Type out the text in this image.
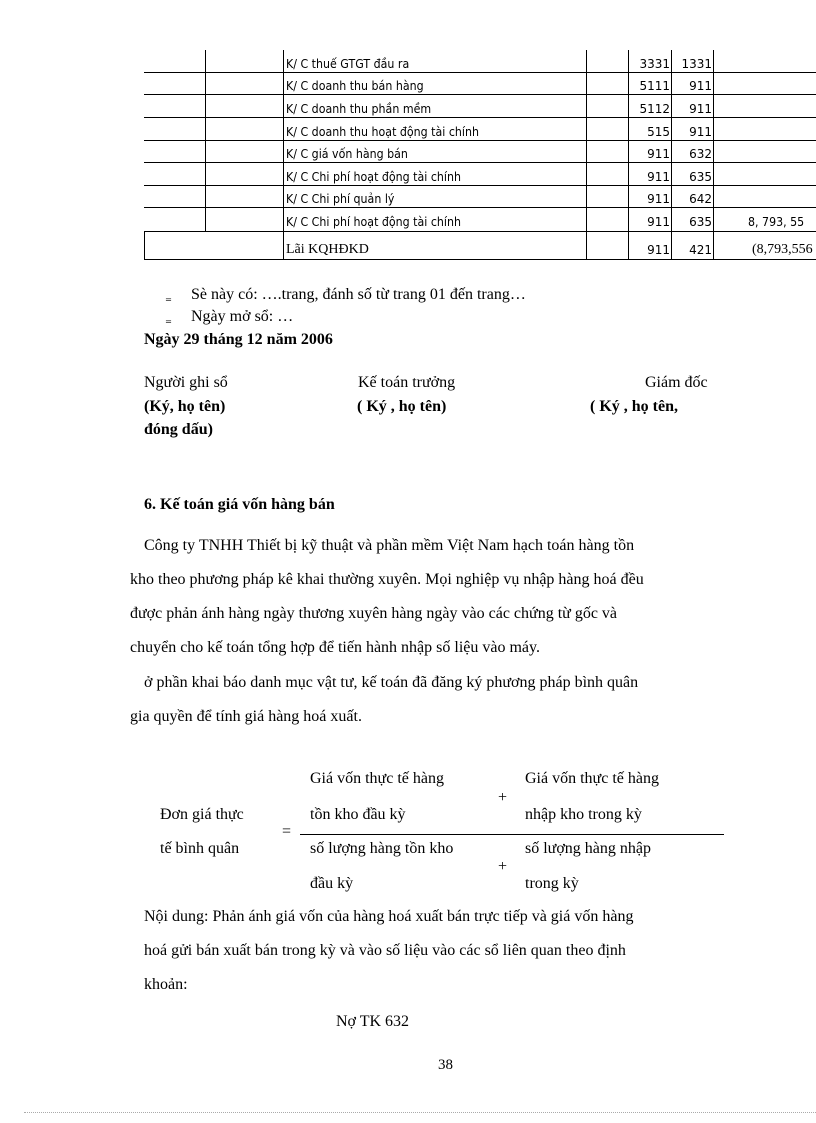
K/ C thuế GTGT đầu ra	3331 1331
K/ C doanh thu bán hàng	5111 911
K/ C doanh thu phần mềm	5112 911
K/ C doanh thu hoạt động tài chính	515 911
K/ C giá vốn hàng bán	911 632
K/ C Chi phí hoạt động tài chính	911 635
K/ C Chi phí quản lý	911 642
K/ C Chi phí hoạt động tài chính	911 635	8, 793, 55
Lãi KQHĐKD	911 421	(8,793,556
‗ Sè này có: ….trang, đánh số từ trang 01 đến trang…
‗ Ngày mở sổ: …
Ngày 29 tháng 12 năm 2006
Người ghi sổ	Kế toán trưởng	Giám đốc
(Ký, họ tên)	( Ký , họ tên)	( Ký , họ tên,
đóng dấu)
6. Kế toán giá vốn hàng bán
Công ty TNHH Thiết bị kỹ thuật và phần mềm Việt Nam hạch toán hàng tồn
kho theo phương pháp kê khai thường xuyên. Mọi nghiệp vụ nhập hàng hoá đều
được phản ánh hàng ngày thương xuyên hàng ngày vào các chứng từ gốc và
chuyển cho kế toán tổng hợp để tiến hành nhập số liệu vào máy.
ở phần khai báo danh mục vật tư, kế toán đã đăng ký phương pháp bình quân
gia quyền để tính giá hàng hoá xuất.
Đơn giá thực
tế bình quân
=
Giá vốn thực tế hàng
tồn kho đầu kỳ
+
Giá vốn thực tế hàng
nhập kho trong kỳ
số lượng hàng tồn kho
đầu kỳ
+
số lượng hàng nhập
trong kỳ
Nội dung: Phản ánh giá vốn của hàng hoá xuất bán trực tiếp và giá vốn hàng
hoá gửi bán xuất bán trong kỳ và vào số liệu vào các sổ liên quan theo định
khoản:
Nợ TK 632
38
